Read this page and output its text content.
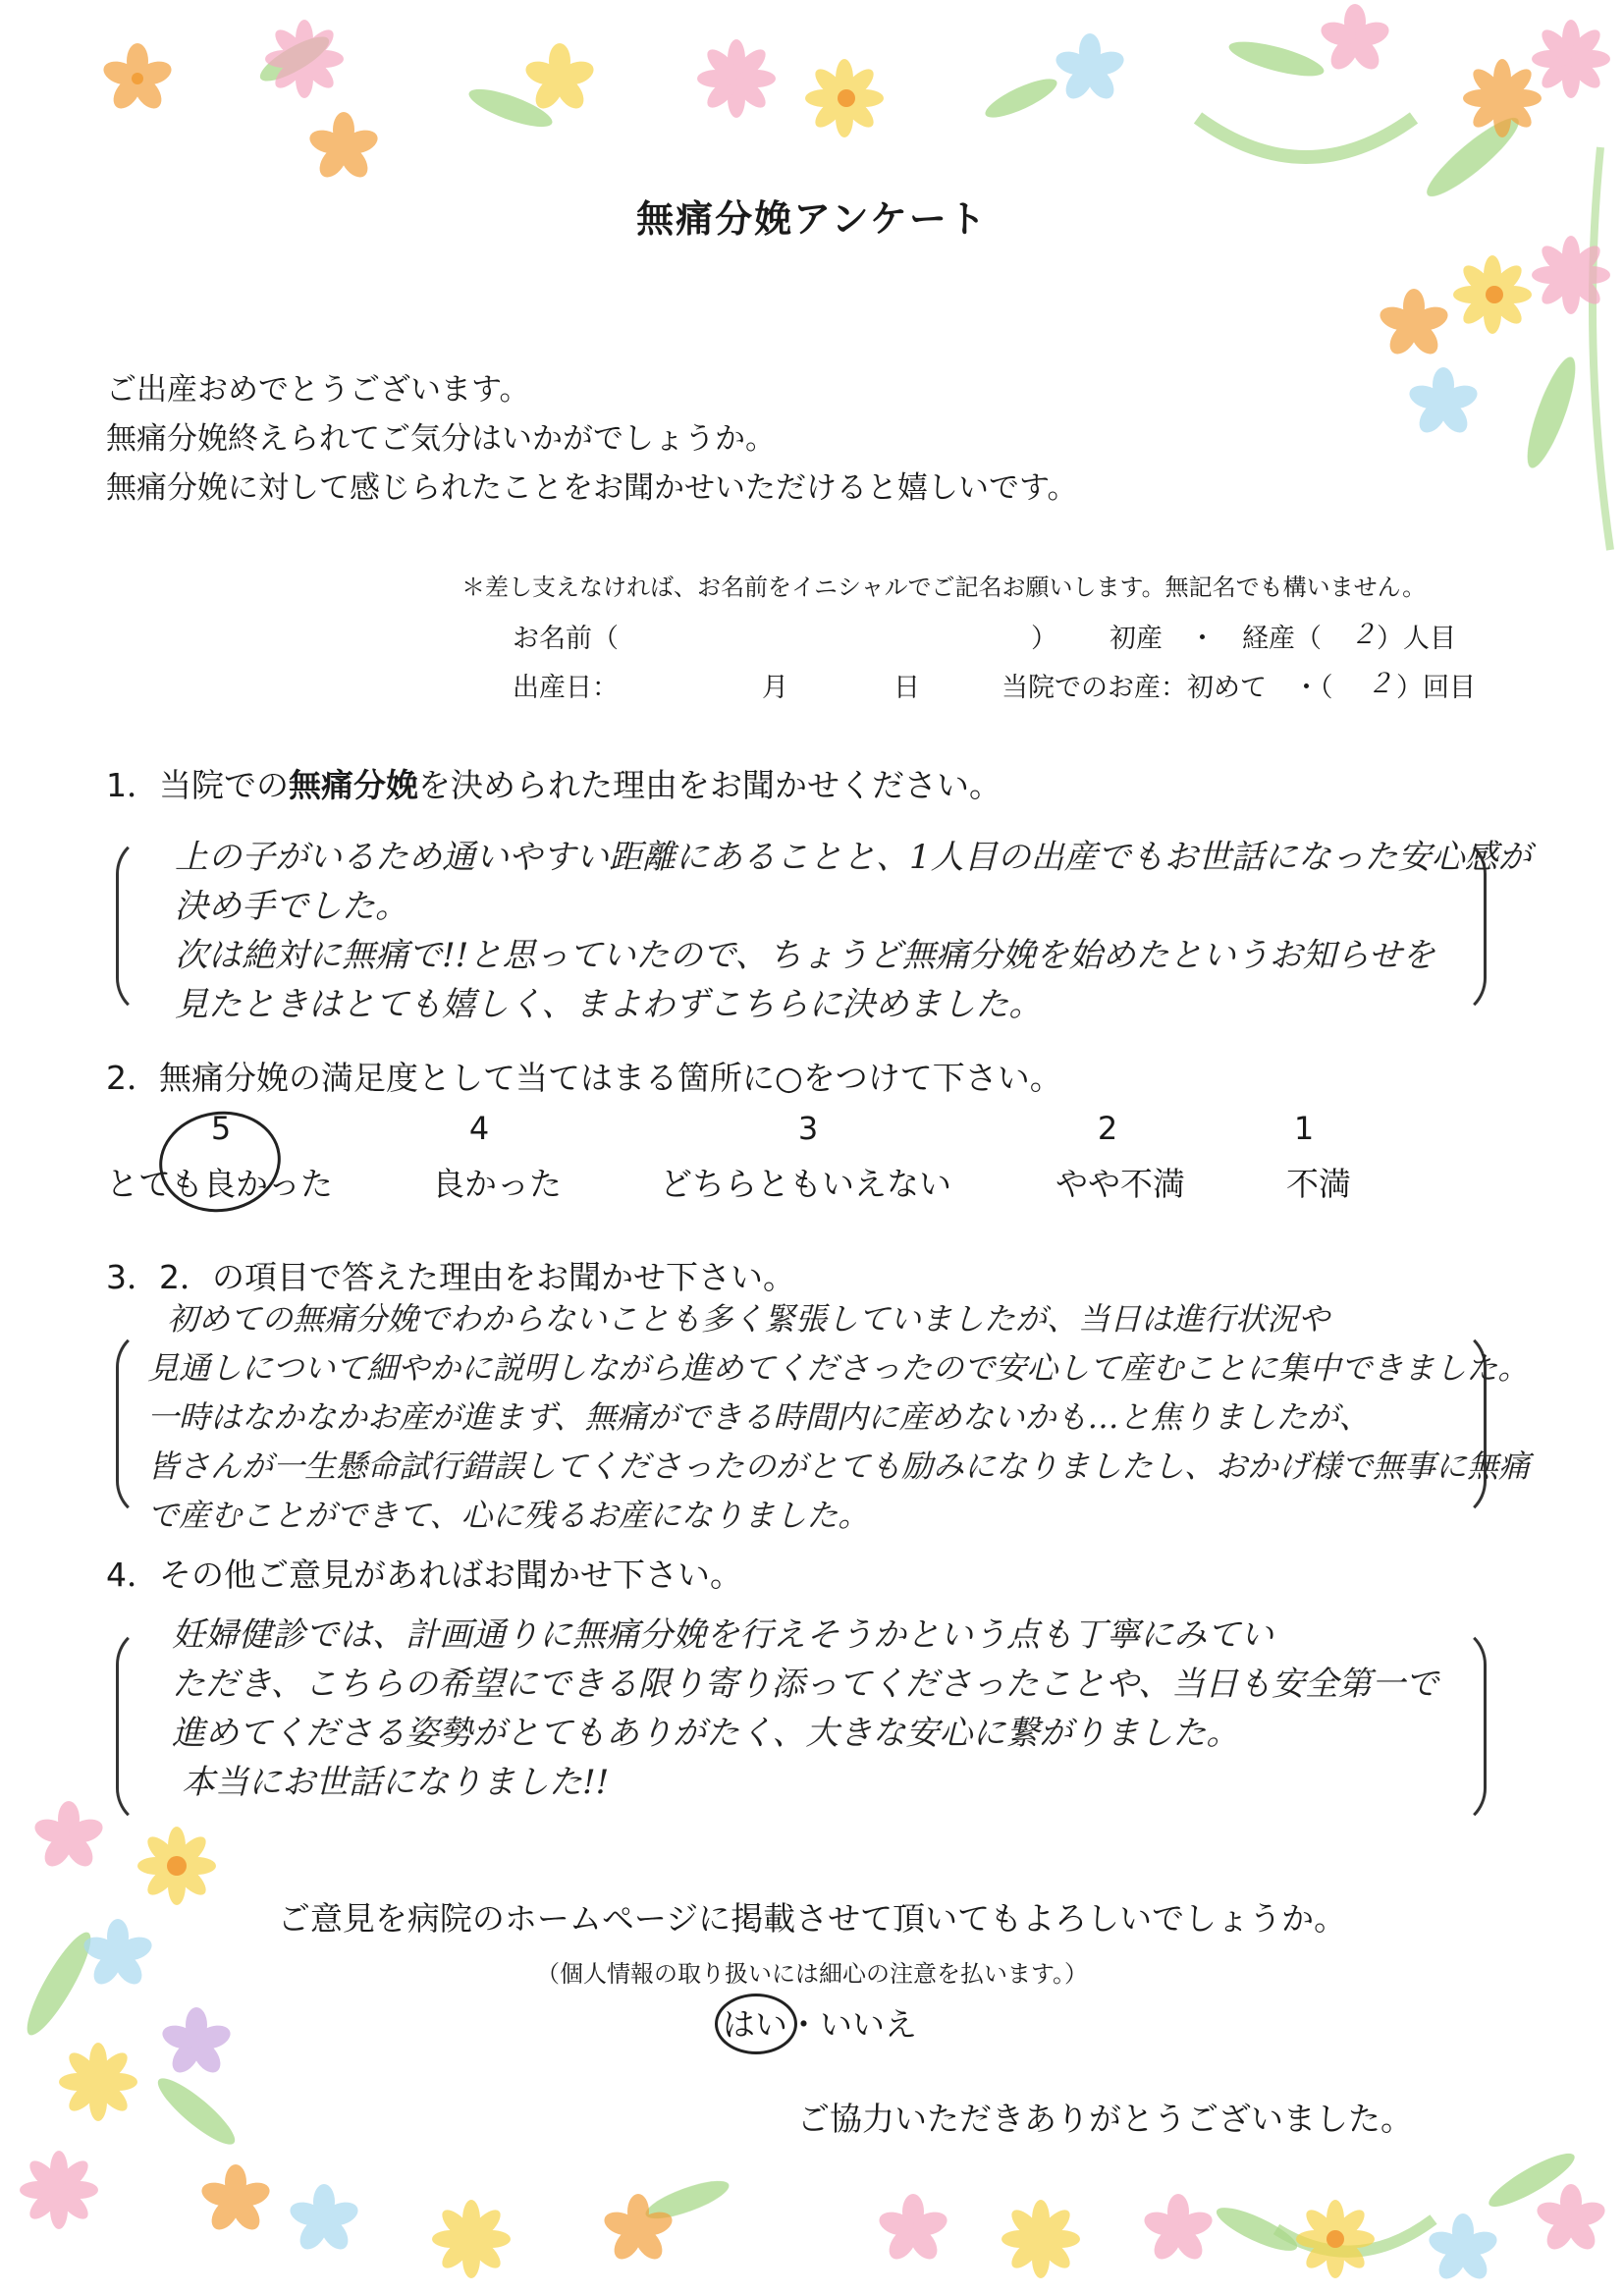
無痛分娩アンケート
ご出産おめでとうございます。
無痛分娩終えられてご気分はいかがでしょうか。
無痛分娩に対して感じられたことをお聞かせいただけると嬉しいです。
＊差し支えなければ、お名前をイニシャルでご記名お願いします。無記名でも構いません。
お名前（	） 初産　・　経産（ ２ ）人目
出産日：	月	日	当院でのお産：初めて　・（ ２ ）回目
1．当院での無痛分娩を決められた理由をお聞かせください。
上の子がいるため通いやすい距離にあることと、1人目の出産でもお世話になった安心感が
決め手でした。
次は絶対に無痛で!!と思っていたので、ちょうど無痛分娩を始めたというお知らせを
見たときはとても嬉しく、まよわずこちらに決めました。
2．無痛分娩の満足度として当てはまる箇所に○をつけて下さい。
5	4	3	2	1
とても良かった	良かった	どちらともいえない	やや不満	不満
3．2．の項目で答えた理由をお聞かせ下さい。
初めての無痛分娩でわからないことも多く緊張していましたが、当日は進行状況や
見通しについて細やかに説明しながら進めてくださったので安心して産むことに集中できました。
一時はなかなかお産が進まず、無痛ができる時間内に産めないかも…と焦りましたが、
皆さんが一生懸命試行錯誤してくださったのがとても励みになりましたし、おかげ様で無事に無痛
で産むことができて、心に残るお産になりました。
4．その他ご意見があればお聞かせ下さい。
妊婦健診では、計画通りに無痛分娩を行えそうかという点も丁寧にみてい
ただき、こちらの希望にできる限り寄り添ってくださったことや、当日も安全第一で
進めてくださる姿勢がとてもありがたく、大きな安心に繋がりました。
本当にお世話になりました!!
ご意見を病院のホームページに掲載させて頂いてもよろしいでしょうか。
（個人情報の取り扱いには細心の注意を払います。）
はい・いいえ
ご協力いただきありがとうございました。
